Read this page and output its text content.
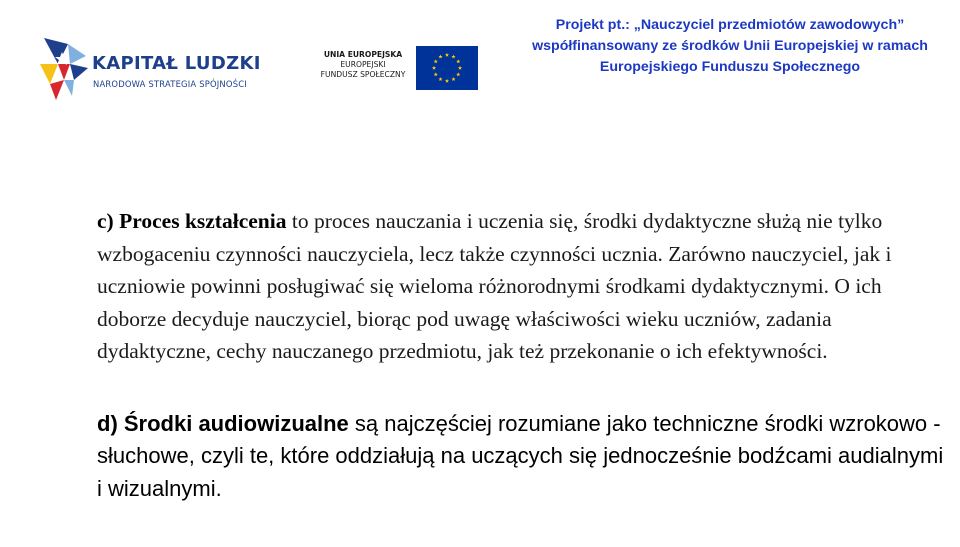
KAPITAŁ LUDZKI
NARODOWA STRATEGIA SPÓJNOŚCI
UNIA EUROPEJSKA
EUROPEJSKI
FUNDUSZ SPOŁECZNY
Projekt pt.: „Nauczyciel przedmiotów zawodowych”
współfinansowany ze środków Unii Europejskiej w ramach
Europejskiego Funduszu Społecznego
c) Proces kształcenia to proces nauczania i uczenia się, środki dydaktyczne służą nie tylko wzbogaceniu czynności nauczyciela, lecz także czynności ucznia. Zarówno nauczyciel, jak i uczniowie powinni posługiwać się wieloma różnorodnymi środkami dydaktycznymi. O ich doborze decyduje nauczyciel, biorąc pod uwagę właściwości wieku uczniów, zadania dydaktyczne, cechy nauczanego przedmiotu, jak też przekonanie o ich efektywności.
d) Środki audiowizualne są najczęściej rozumiane jako techniczne środki wzrokowo - słuchowe, czyli te, które oddziałują na uczących się jednocześnie bodźcami audialnymi i wizualnymi.
